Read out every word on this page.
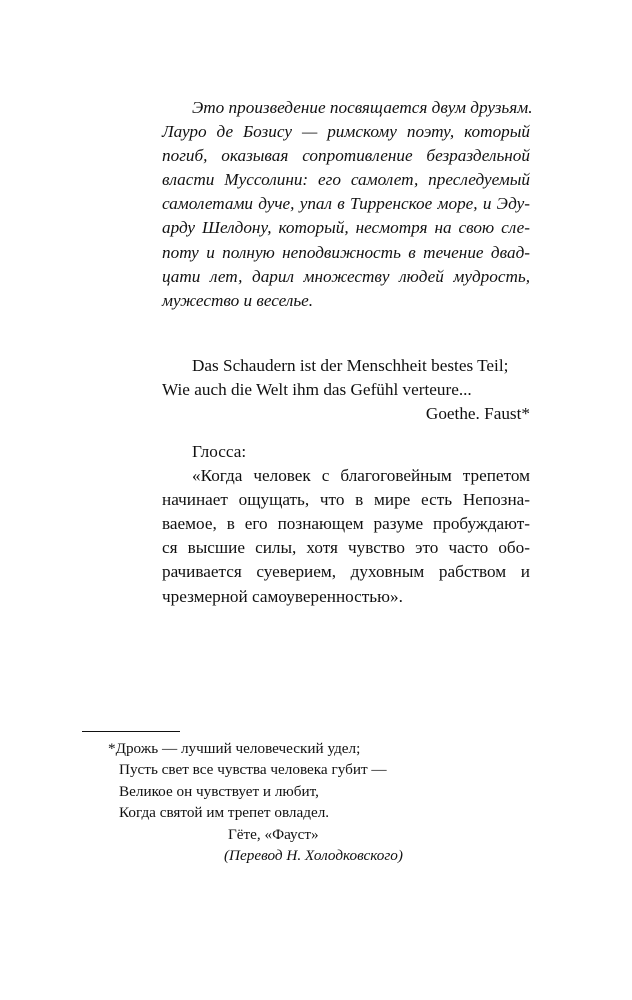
Это произведение посвящается двум друзьям.
Лауро де Бозису — римскому поэту, который
погиб, оказывая сопротивление безраздельной
власти Муссолини: его самолет, преследуемый
самолетами дуче, упал в Тирренское море, и Эду-
арду Шелдону, который, несмотря на свою сле-
поту и полную неподвижность в течение двад-
цати лет, дарил множеству людей мудрость,
мужество и веселье.
Das Schaudern ist der Menschheit bestes Teil;
Wie auch die Welt ihm das Gefühl verteure...
Goethe. Faust*
Глосса:
«Когда человек с благоговейным трепетом
начинает ощущать, что в мире есть Непозна-
ваемое, в его познающем разуме пробуждают-
ся высшие силы, хотя чувство это часто обо-
рачивается суеверием, духовным рабством и
чрезмерной самоуверенностью».
*Дрожь — лучший человеческий удел;
Пусть свет все чувства человека губит —
Великое он чувствует и любит,
Когда святой им трепет овладел.
Гёте, «Фауст»
(Перевод Н. Холодковского)
